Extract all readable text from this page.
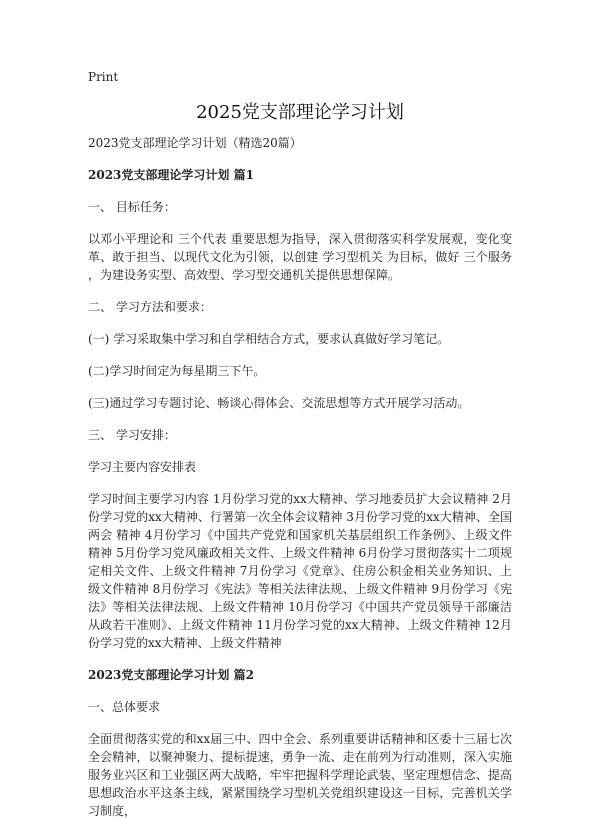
Print
2025党支部理论学习计划
2023党支部理论学习计划（精选20篇）
2023党支部理论学习计划 篇1
一、 目标任务：
以邓小平理论和 三个代表 重要思想为指导，深入贯彻落实科学发展观，变化变革、敢于担当、以现代文化为引领，以创建 学习型机关 为目标，做好 三个服务 ，为建设务实型、高效型、学习型交通机关提供思想保障。
二、 学习方法和要求：
(一) 学习采取集中学习和自学相结合方式，要求认真做好学习笔记。
(二)学习时间定为每星期三下午。
(三)通过学习专题讨论、畅谈心得体会、交流思想等方式开展学习活动。
三、 学习安排：
学习主要内容安排表
学习时间主要学习内容 1月份学习党的xx大精神、学习地委员扩大会议精神 2月份学习党的xx大精神、行署第一次全体会议精神 3月份学习党的xx大精神、全国 两会 精神 4月份学习《中国共产党党和国家机关基层组织工作条例》、上级文件精神 5月份学习党风廉政相关文件、上级文件精神 6月份学习贯彻落实十二项规定相关文件、上级文件精神 7月份学习《党章》、住房公积金相关业务知识、上级文件精神 8月份学习《宪法》等相关法律法规、上级文件精神 9月份学习《宪法》等相关法律法规、上级文件精神 10月份学习《中国共产党员领导干部廉洁从政若干准则》、上级文件精神 11月份学习党的xx大精神、上级文件精神 12月份学习党的xx大精神、上级文件精神
2023党支部理论学习计划 篇2
一、总体要求
全面贯彻落实党的和xx届三中、四中全会、系列重要讲话精神和区委十三届七次全会精神，以聚神聚力、提标提速，勇争一流、走在前列为行动准则，深入实施服务业兴区和工业强区两大战略，牢牢把握科学理论武装、坚定理想信念、提高思想政治水平这条主线，紧紧围绕学习型机关党组织建设这一目标，完善机关学习制度，
